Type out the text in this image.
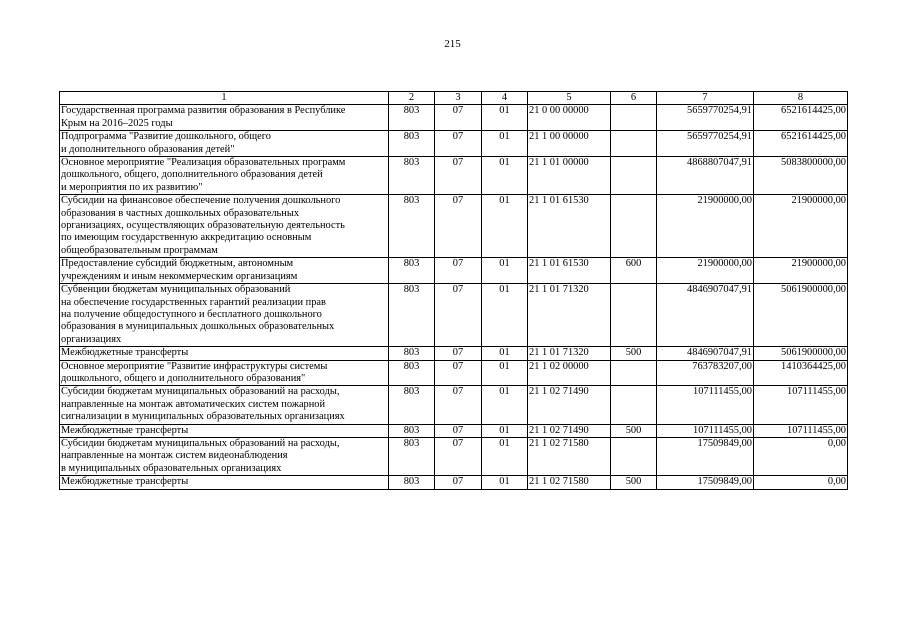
215
1	2	3	4	5	6	7	8
Государственная программа развития образования в Республике
Крым на 2016–2025 годы	803	07	01	21 0 00 00000		5659770254,91	6521614425,00
Подпрограмма "Развитие дошкольного, общего
и дополнительного образования детей"	803	07	01	21 1 00 00000		5659770254,91	6521614425,00
Основное мероприятие "Реализация образовательных программ
дошкольного, общего, дополнительного образования детей
и мероприятия по их развитию"	803	07	01	21 1 01 00000		4868807047,91	5083800000,00
Субсидии на финансовое обеспечение получения дошкольного
образования в частных дошкольных образовательных
организациях, осуществляющих образовательную деятельность
по имеющим государственную аккредитацию основным
общеобразовательным программам	803	07	01	21 1 01 61530		21900000,00	21900000,00
Предоставление субсидий бюджетным, автономным
учреждениям и иным некоммерческим организациям	803	07	01	21 1 01 61530	600	21900000,00	21900000,00
Субвенции бюджетам муниципальных образований
на обеспечение государственных гарантий реализации прав
на получение общедоступного и бесплатного дошкольного
образования в муниципальных дошкольных образовательных
организациях	803	07	01	21 1 01 71320		4846907047,91	5061900000,00
Межбюджетные трансферты	803	07	01	21 1 01 71320	500	4846907047,91	5061900000,00
Основное мероприятие "Развитие инфраструктуры системы
дошкольного, общего и дополнительного образования"	803	07	01	21 1 02 00000		763783207,00	1410364425,00
Субсидии бюджетам муниципальных образований на расходы,
направленные на монтаж автоматических систем пожарной
сигнализации в муниципальных образовательных организациях	803	07	01	21 1 02 71490		107111455,00	107111455,00
Межбюджетные трансферты	803	07	01	21 1 02 71490	500	107111455,00	107111455,00
Субсидии бюджетам муниципальных образований на расходы,
направленные на монтаж систем видеонаблюдения
в муниципальных образовательных организациях	803	07	01	21 1 02 71580		17509849,00	0,00
Межбюджетные трансферты	803	07	01	21 1 02 71580	500	17509849,00	0,00
